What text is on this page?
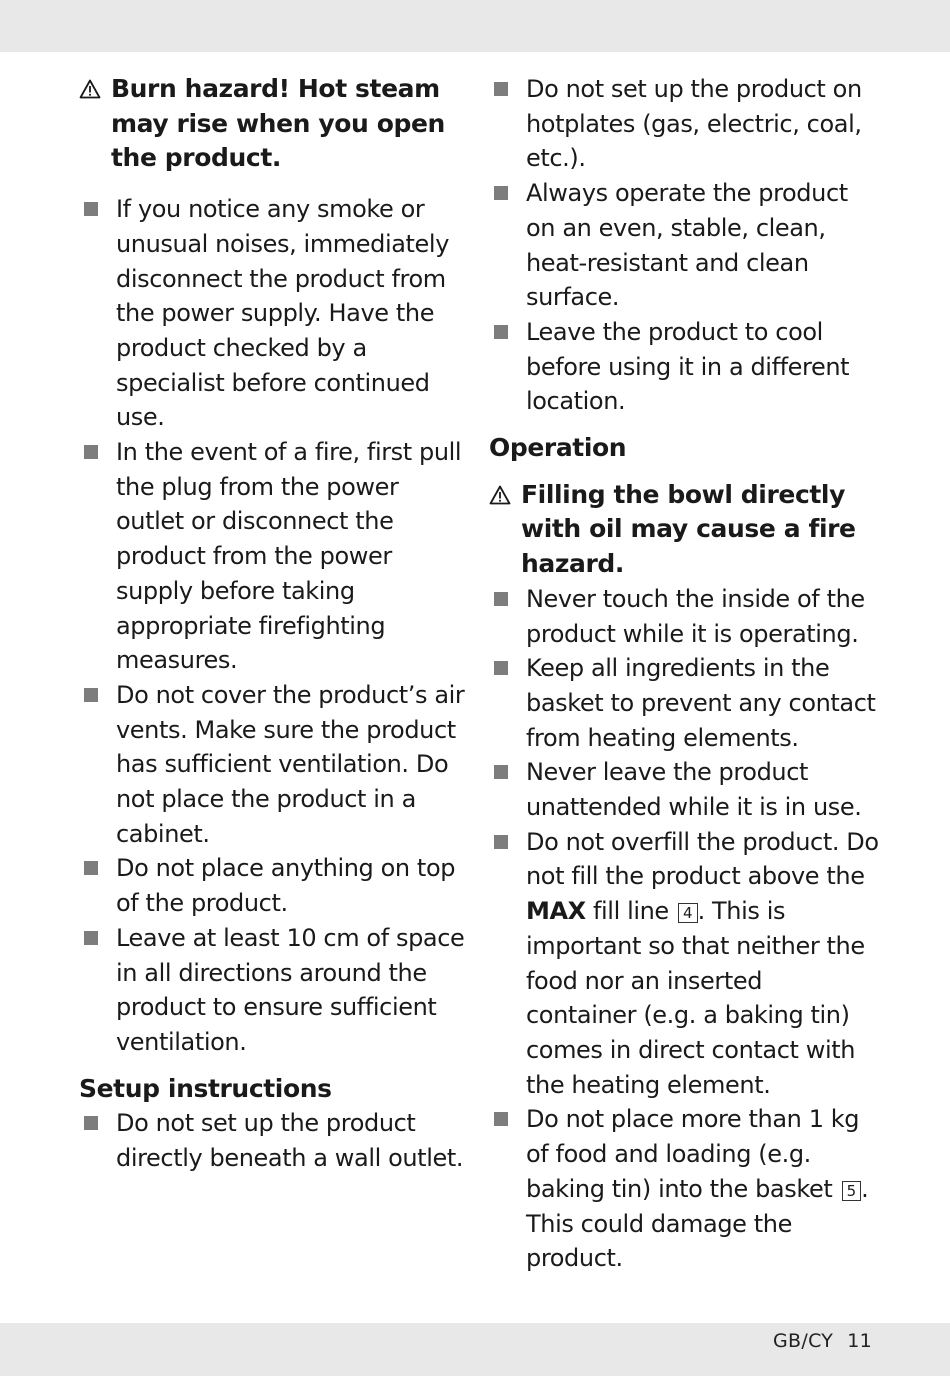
Burn hazard! Hot steam may rise when you open the product.

If you notice any smoke or unusual noises, immediately disconnect the product from the power supply. Have the product checked by a specialist before continued use.
In the event of a fire, first pull the plug from the power outlet or disconnect the product from the power supply before taking appropriate firefighting measures.
Do not cover the product’s air vents. Make sure the product has sufficient ventilation. Do not place the product in a cabinet.
Do not place anything on top of the product.
Leave at least 10 cm of space in all directions around the product to ensure sufficient ventilation.
Setup instructions
Do not set up the product directly beneath a wall outlet.
Do not set up the product on hotplates (gas, electric, coal, etc.).
Always operate the product on an even, stable, clean, heat-resistant and clean surface.
Leave the product to cool before using it in a different location.
Operation

Filling the bowl directly with oil may cause a fire hazard.

Never touch the inside of the product while it is operating.
Keep all ingredients in the basket to prevent any contact from heating elements.
Never leave the product unattended while it is in use.
Do not overfill the product. Do not fill the product above the MAX fill line 4 . This is important so that neither the food nor an inserted container (e.g. a baking tin) comes in direct contact with the heating element.
Do not place more than 1 kg of food and loading (e.g. baking tin) into the basket 5 . This could damage the product.
GB/CY 11
